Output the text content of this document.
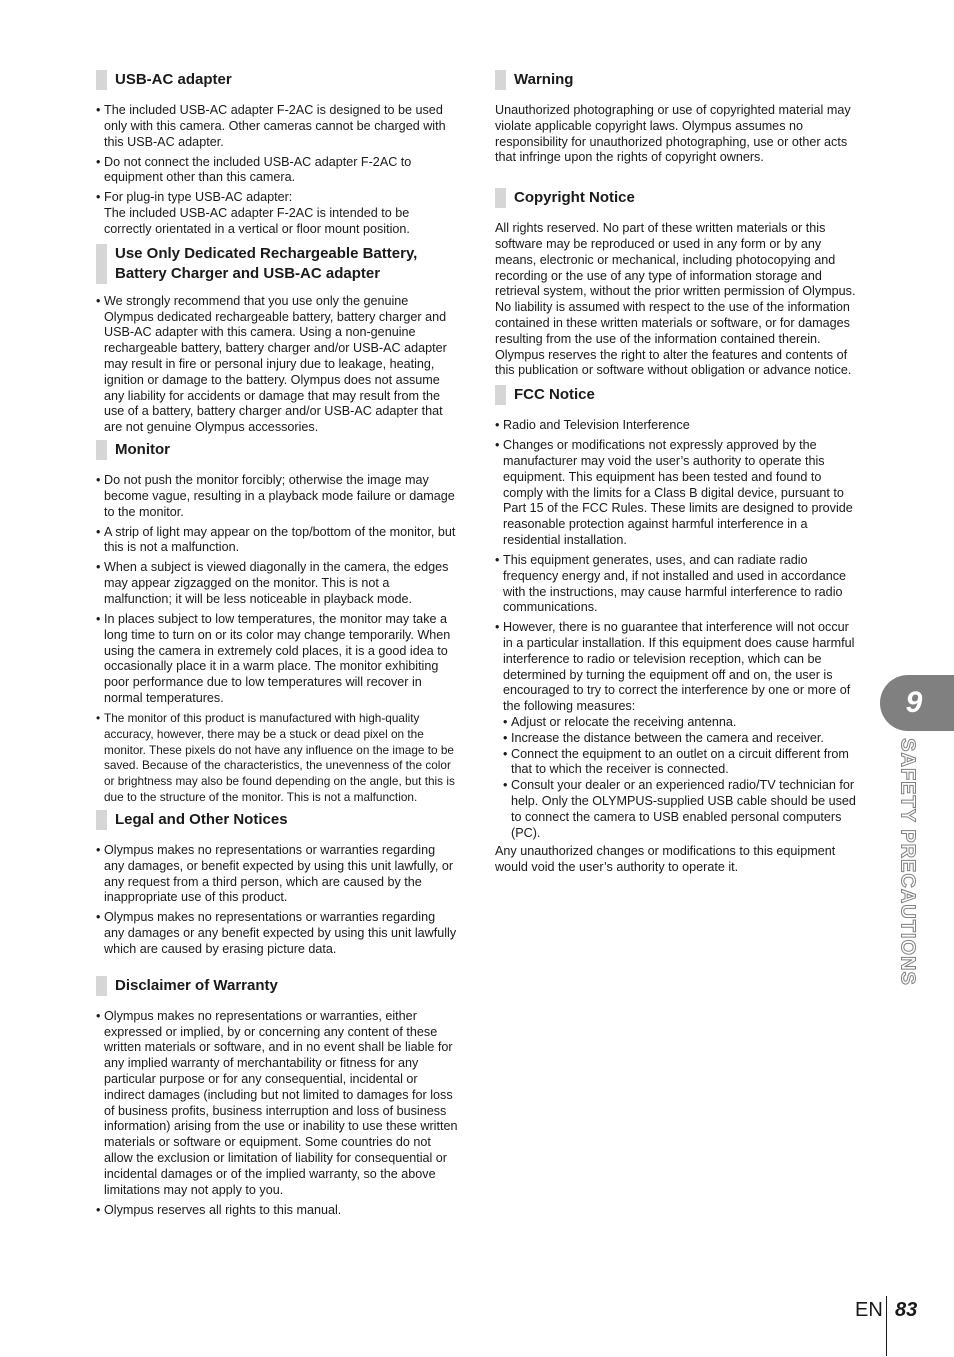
USB-AC adapter
• The included USB-AC adapter F-2AC is designed to be used only with this camera. Other cameras cannot be charged with this USB-AC adapter.
• Do not connect the included USB-AC adapter F-2AC to equipment other than this camera.
• For plug-in type USB-AC adapter:
The included USB-AC adapter F-2AC is intended to be correctly orientated in a vertical or floor mount position.
Use Only Dedicated Rechargeable Battery, Battery Charger and USB-AC adapter
• We strongly recommend that you use only the genuine Olympus dedicated rechargeable battery, battery charger and USB-AC adapter with this camera. Using a non-genuine rechargeable battery, battery charger and/or USB-AC adapter may result in fire or personal injury due to leakage, heating, ignition or damage to the battery. Olympus does not assume any liability for accidents or damage that may result from the use of a battery, battery charger and/or USB-AC adapter that are not genuine Olympus accessories.
Monitor
• Do not push the monitor forcibly; otherwise the image may become vague, resulting in a playback mode failure or damage to the monitor.
• A strip of light may appear on the top/bottom of the monitor, but this is not a malfunction.
• When a subject is viewed diagonally in the camera, the edges may appear zigzagged on the monitor. This is not a malfunction; it will be less noticeable in playback mode.
• In places subject to low temperatures, the monitor may take a long time to turn on or its color may change temporarily. When using the camera in extremely cold places, it is a good idea to occasionally place it in a warm place. The monitor exhibiting poor performance due to low temperatures will recover in normal temperatures.
• The monitor of this product is manufactured with high-quality accuracy, however, there may be a stuck or dead pixel on the monitor. These pixels do not have any influence on the image to be saved. Because of the characteristics, the unevenness of the color or brightness may also be found depending on the angle, but this is due to the structure of the monitor. This is not a malfunction.
Legal and Other Notices
• Olympus makes no representations or warranties regarding any damages, or benefit expected by using this unit lawfully, or any request from a third person, which are caused by the inappropriate use of this product.
• Olympus makes no representations or warranties regarding any damages or any benefit expected by using this unit lawfully which are caused by erasing picture data.
Disclaimer of Warranty
• Olympus makes no representations or warranties, either expressed or implied, by or concerning any content of these written materials or software, and in no event shall be liable for any implied warranty of merchantability or fitness for any particular purpose or for any consequential, incidental or indirect damages (including but not limited to damages for loss of business profits, business interruption and loss of business information) arising from the use or inability to use these written materials or software or equipment. Some countries do not allow the exclusion or limitation of liability for consequential or incidental damages or of the implied warranty, so the above limitations may not apply to you.
• Olympus reserves all rights to this manual.
Warning

Unauthorized photographing or use of copyrighted material may violate applicable copyright laws. Olympus assumes no responsibility for unauthorized photographing, use or other acts that infringe upon the rights of copyright owners.

Copyright Notice

All rights reserved. No part of these written materials or this software may be reproduced or used in any form or by any means, electronic or mechanical, including photocopying and recording or the use of any type of information storage and retrieval system, without the prior written permission of Olympus. No liability is assumed with respect to the use of the information contained in these written materials or software, or for damages resulting from the use of the information contained therein. Olympus reserves the right to alter the features and contents of this publication or software without obligation or advance notice.

FCC Notice
• Radio and Television Interference
• Changes or modifications not expressly approved by the manufacturer may void the user’s authority to operate this equipment. This equipment has been tested and found to comply with the limits for a Class B digital device, pursuant to Part 15 of the FCC Rules. These limits are designed to provide reasonable protection against harmful interference in a residential installation.
• This equipment generates, uses, and can radiate radio frequency energy and, if not installed and used in accordance with the instructions, may cause harmful interference to radio communications.
• However, there is no guarantee that interference will not occur in a particular installation. If this equipment does cause harmful interference to radio or television reception, which can be determined by turning the equipment off and on, the user is encouraged to try to correct the interference by one or more of the following measures:
• Adjust or relocate the receiving antenna.
• Increase the distance between the camera and receiver.
• Connect the equipment to an outlet on a circuit different from that to which the receiver is connected.
• Consult your dealer or an experienced radio/TV technician for help. Only the OLYMPUS-supplied USB cable should be used to connect the camera to USB enabled personal computers (PC).

Any unauthorized changes or modifications to this equipment would void the user’s authority to operate it.

9
SAFETY PRECAUTIONS
EN 83
